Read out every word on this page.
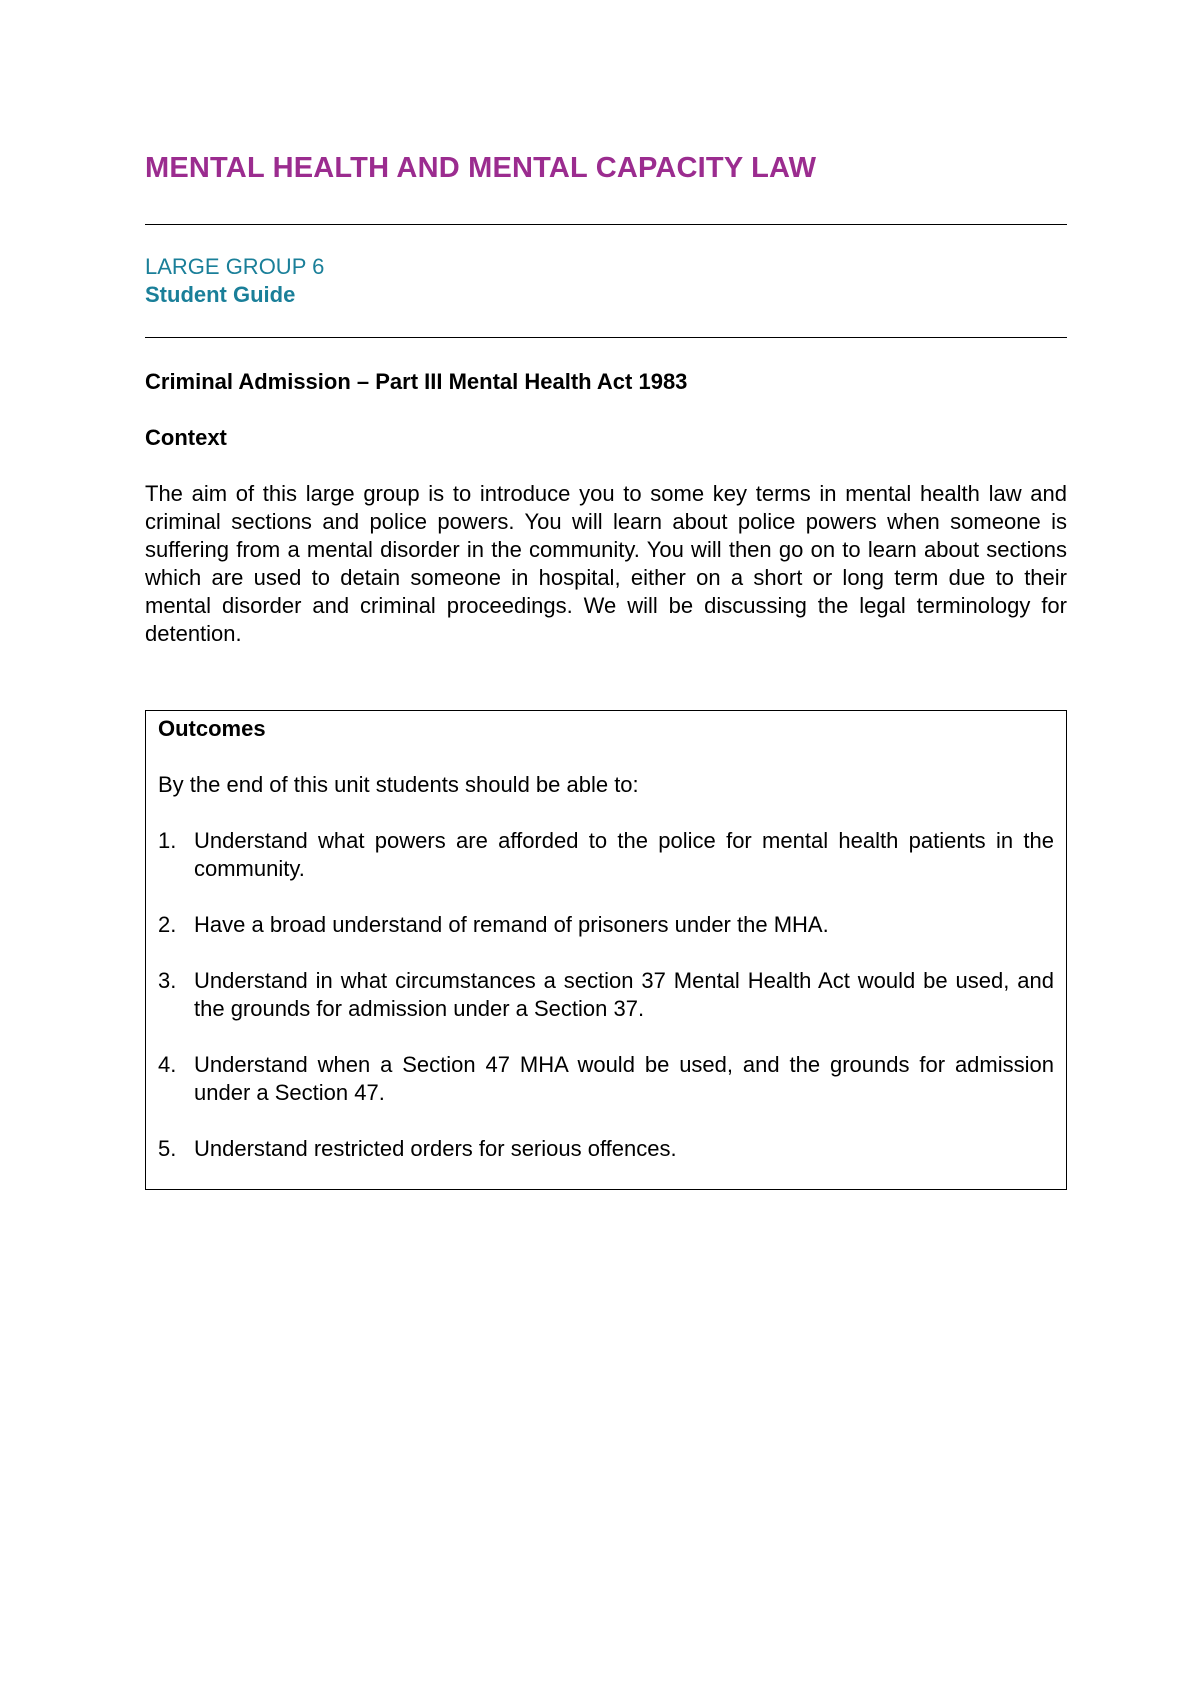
MENTAL HEALTH AND MENTAL CAPACITY LAW
LARGE GROUP 6
Student Guide
Criminal Admission – Part III Mental Health Act 1983
Context

The aim of this large group is to introduce you to some key terms in mental health law and criminal sections and police powers. You will learn about police powers when someone is suffering from a mental disorder in the community. You will then go on to learn about sections which are used to detain someone in hospital, either on a short or long term due to their mental disorder and criminal proceedings. We will be discussing the legal terminology for detention.

Outcomes

By the end of this unit students should be able to:

1. Understand what powers are afforded to the police for mental health patients in the community.
2. Have a broad understand of remand of prisoners under the MHA.
3. Understand in what circumstances a section 37 Mental Health Act would be used, and the grounds for admission under a Section 37.
4. Understand when a Section 47 MHA would be used, and the grounds for admission under a Section 47.
5. Understand restricted orders for serious offences.
